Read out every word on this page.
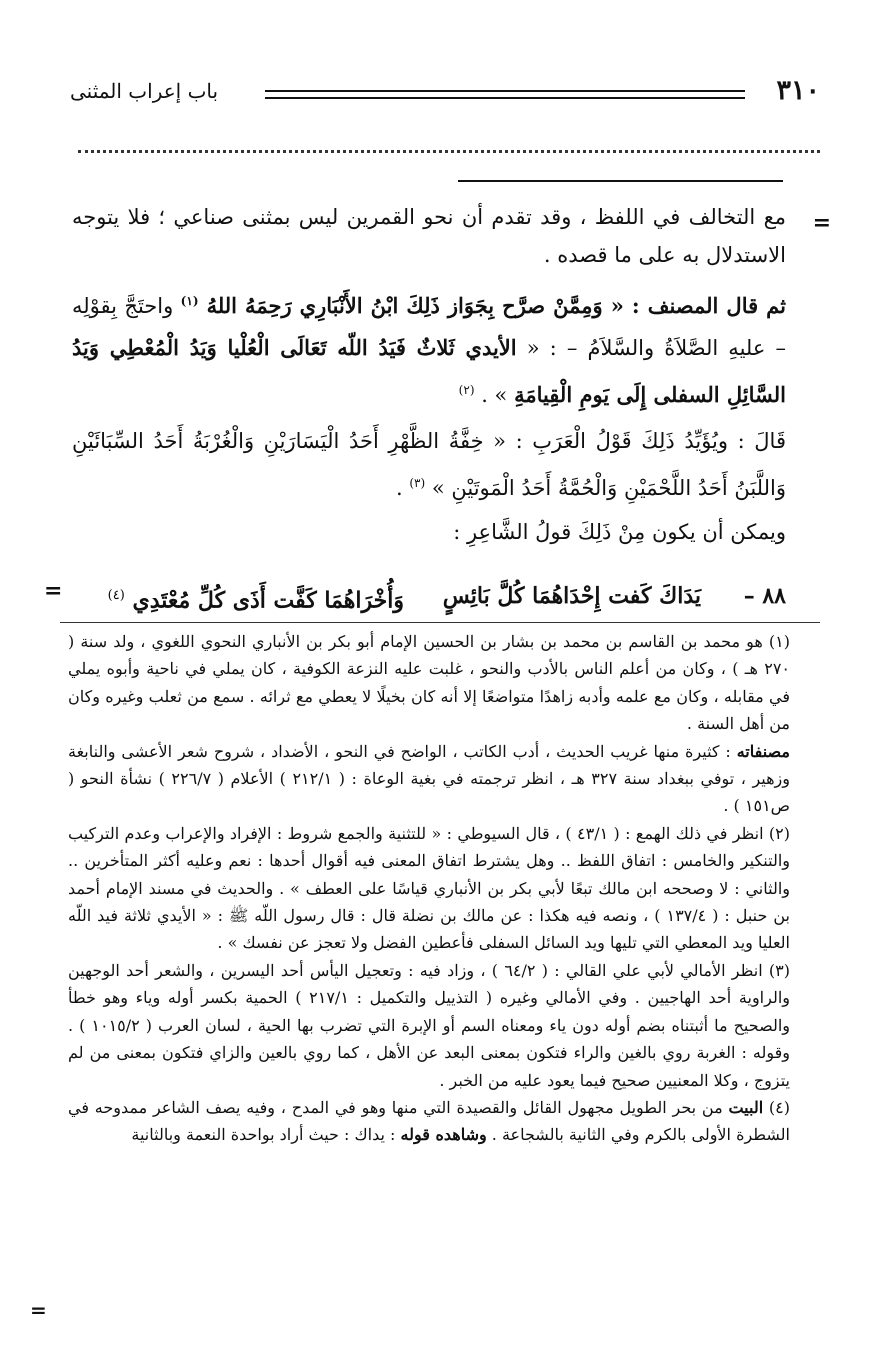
٣١٠
باب إعراب المثنى
=

مع التخالف في اللفظ ، وقد تقدم أن نحو القمرين ليس بمثنى صناعي ؛ فلا يتوجه الاستدلال به على ما قصده .

ثم قال المصنف : « وَمِمَّنْ صرَّح بِجَوَاز ذَلِكَ ابْنُ الأَنْبَارِي رَحِمَهُ اللهُ $^{(١)}$ واحتَجَّ بِقوْلِه – عليهِ الصَّلاَةُ والسَّلاَمُ – : « الأيدي ثَلاثٌ فَيَدُ اللّه تَعَالَى الْعُلْيا وَيَدُ الْمُعْطِي وَيَدُ السَّائِلِ السفلى إِلَى يَومِ الْقِيامَةِ » . $^{(٢)}$

قَالَ : ويُؤَيِّدُ ذَلِكَ قَوْلُ الْعَرَبِ : « خِفَّةُ الظَّهْرِ أَحَدُ الْيَسَارَيْنِ وَالْغُرْبَةُ أَحَدُ السِّبَائَيْنِ وَاللَّبَنُ أَحَدُ اللَّحْمَيْنِ وَالْحُمَّةُ أَحَدُ الْمَوتَيْنِ » $^{(٣)}$ .

ويمكن أن يكون مِنْ ذَلِكَ قولُ الشَّاعِرِ :

٨٨ –
يَدَاكَ كَفت إِحْدَاهُمَا كُلَّ بَائِسٍ
وَأُخْرَاهُمَا كَفَّت أَذَى كُلِّ مُعْتَدِي $^{(٤)}$
=

(١) هو محمد بن القاسم بن محمد بن بشار بن الحسين الإمام أبو بكر بن الأنباري النحوي اللغوي ، ولد سنة ( ٢٧٠ هـ ) ، وكان من أعلم الناس بالأدب والنحو ، غلبت عليه النزعة الكوفية ، كان يملي في ناحية وأبوه يملي في مقابله ، وكان مع علمه وأدبه زاهدًا متواضعًا إلا أنه كان بخيلًا لا يعطي مع ثرائه . سمع من ثعلب وغيره وكان من أهل السنة .

مصنفاته : كثيرة منها غريب الحديث ، أدب الكاتب ، الواضح في النحو ، الأضداد ، شروح شعر الأعشى والنابغة وزهير ، توفي ببغداد سنة ٣٢٧ هـ ، انظر ترجمته في بغية الوعاة : ( ٢١٢/١ ) الأعلام ( ٢٢٦/٧ ) نشأة النحو ( ص١٥١ ) .

(٢) انظر في ذلك الهمع : ( ٤٣/١ ) ، قال السيوطي : « للتثنية والجمع شروط : الإفراد والإعراب وعدم التركيب والتنكير والخامس : اتفاق اللفظ .. وهل يشترط اتفاق المعنى فيه أقوال أحدها : نعم وعليه أكثر المتأخرين .. والثاني : لا وصححه ابن مالك تبعًا لأبي بكر بن الأنباري قياسًا على العطف » . والحديث في مسند الإمام أحمد بن حنبل : ( ١٣٧/٤ ) ، ونصه فيه هكذا : عن مالك بن نضلة قال : قال رسول اللّه ﷺ : « الأيدي ثلاثة فيد اللّه العليا ويد المعطي التي تليها ويد السائل السفلى فأعطين الفضل ولا تعجز عن نفسك » .

(٣) انظر الأمالي لأبي علي القالي : ( ٦٤/٢ ) ، وزاد فيه : وتعجيل اليأس أحد اليسرين ، والشعر أحد الوجهين والراوية أحد الهاجيين . وفي الأمالي وغيره ( التذييل والتكميل : ٢١٧/١ ) الحمية بكسر أوله وياء وهو خطأ والصحيح ما أثبتناه بضم أوله دون ياء ومعناه السم أو الإبرة التي تضرب بها الحية ، لسان العرب ( ١٠١٥/٢ ) . وقوله : الغربة روي بالغين والراء فتكون بمعنى البعد عن الأهل ، كما روي بالعين والزاي فتكون بمعنى من لم يتزوج ، وكلا المعنيين صحيح فيما يعود عليه من الخبر .

(٤) البيت من بحر الطويل مجهول القائل والقصيدة التي منها وهو في المدح ، وفيه يصف الشاعر ممدوحه في الشطرة الأولى بالكرم وفي الثانية بالشجاعة . وشاهده قوله : يداك : حيث أراد بواحدة النعمة وبالثانية

=
